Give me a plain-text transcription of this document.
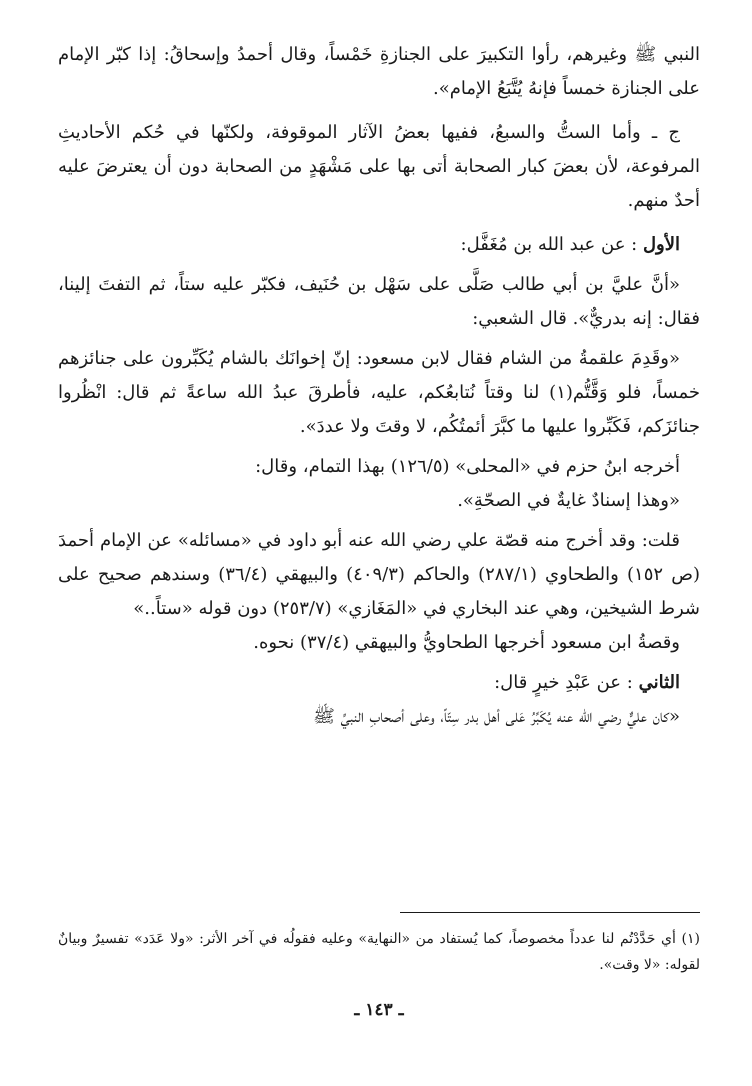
النبي ﷺ وغيرهم، رأوا التكبيرَ على الجنازةِ خَمْساً، وقال أحمدُ وإسحاقُ: إذا كبّر الإمام على الجنازة خمساً فإنهُ يُتَّبَعُ الإمام».

ج ـ وأما الستُّ والسبعُ، ففيها بعضُ الآثار الموقوفة، ولكنّها في حُكم الأحاديثِ المرفوعة، لأن بعضَ كبار الصحابة أتى بها على مَشْهَدٍ من الصحابة دون أن يعترضَ عليه أحدٌ منهم.

الأول : عن عبد الله بن مُغَفَّل:

«أنَّ عليَّ بن أبي طالب صَلَّى على سَهْل بن حُنَيف، فكبّر عليه ستاً، ثم التفتَ إلينا، فقال: إنه بدريٌّ». قال الشعبي:

«وقَدِمَ علقمةُ من الشام فقال لابن مسعود: إنّ إخوانَك بالشام يُكَبِّرون على جنائزهم خمساً، فلو وَقَّتُّم(١) لنا وقتاً نُتابعُكم، عليه، فأطرقَ عبدُ الله ساعةً ثم قال: انْظُروا جنائزَكم، فَكَبِّروا عليها ما كبَّرَ أئمتُكُم، لا وقتَ ولا عددَ».

أخرجه ابنُ حزم في «المحلى» (١٢٦/٥) بهذا التمام، وقال:

«وهذا إسنادٌ غايةٌ في الصحّةِ».

قلت: وقد أخرج منه قصّة علي رضي الله عنه أبو داود في «مسائله» عن الإمام أحمدَ (ص ١٥٢) والطحاوي (٢٨٧/١) والحاكم (٤٠٩/٣) والبيهقي (٣٦/٤) وسندهم صحيح على شرط الشيخين، وهي عند البخاري في «المَغَازي» (٢٥٣/٧) دون قوله «ستاً..»

وقصةُ ابن مسعود أخرجها الطحاويُّ والبيهقي (٣٧/٤) نحوه.

الثاني : عن عَبْدِ خيرٍ قال:

«كان عليٌّ رضي الله عنه يُكَبِّرُ عَلى أهل بدر سِتّاً، وعلى أصحابِ النبيِّ ﷺ

(١) أي حَدَّدْتُم لنا عدداً مخصوصاً، كما يُستفاد من «النهاية» وعليه فقولُه في آخر الأثر: «ولا عَدَد» تفسيرٌ وبيانٌ لقوله: «لا وقت».

ـ ١٤٣ ـ
